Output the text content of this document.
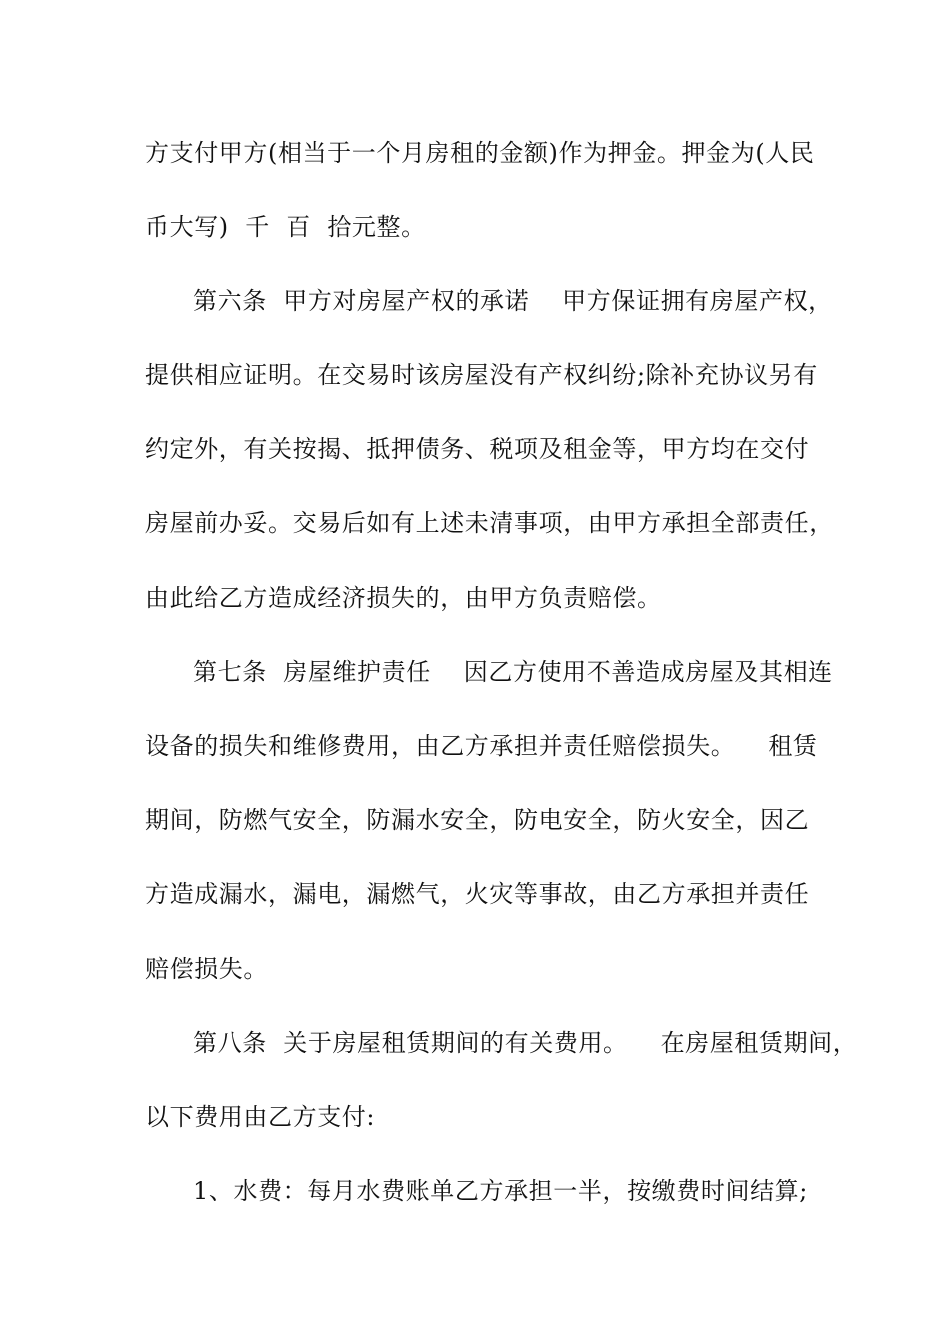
方支付甲方(相当于一个月房租的金额)作为押金。押金为(人民
币大写)  千  百  拾元整。
第六条  甲方对房屋产权的承诺    甲方保证拥有房屋产权，
提供相应证明。在交易时该房屋没有产权纠纷;除补充协议另有
约定外，有关按揭、抵押债务、税项及租金等，甲方均在交付
房屋前办妥。交易后如有上述未清事项，由甲方承担全部责任，
由此给乙方造成经济损失的，由甲方负责赔偿。
第七条  房屋维护责任    因乙方使用不善造成房屋及其相连
设备的损失和维修费用，由乙方承担并责任赔偿损失。    租赁
期间，防燃气安全，防漏水安全，防电安全，防火安全，因乙
方造成漏水，漏电，漏燃气，火灾等事故，由乙方承担并责任
赔偿损失。
第八条  关于房屋租赁期间的有关费用。    在房屋租赁期间，
以下费用由乙方支付:
1、水费：每月水费账单乙方承担一半，按缴费时间结算;
